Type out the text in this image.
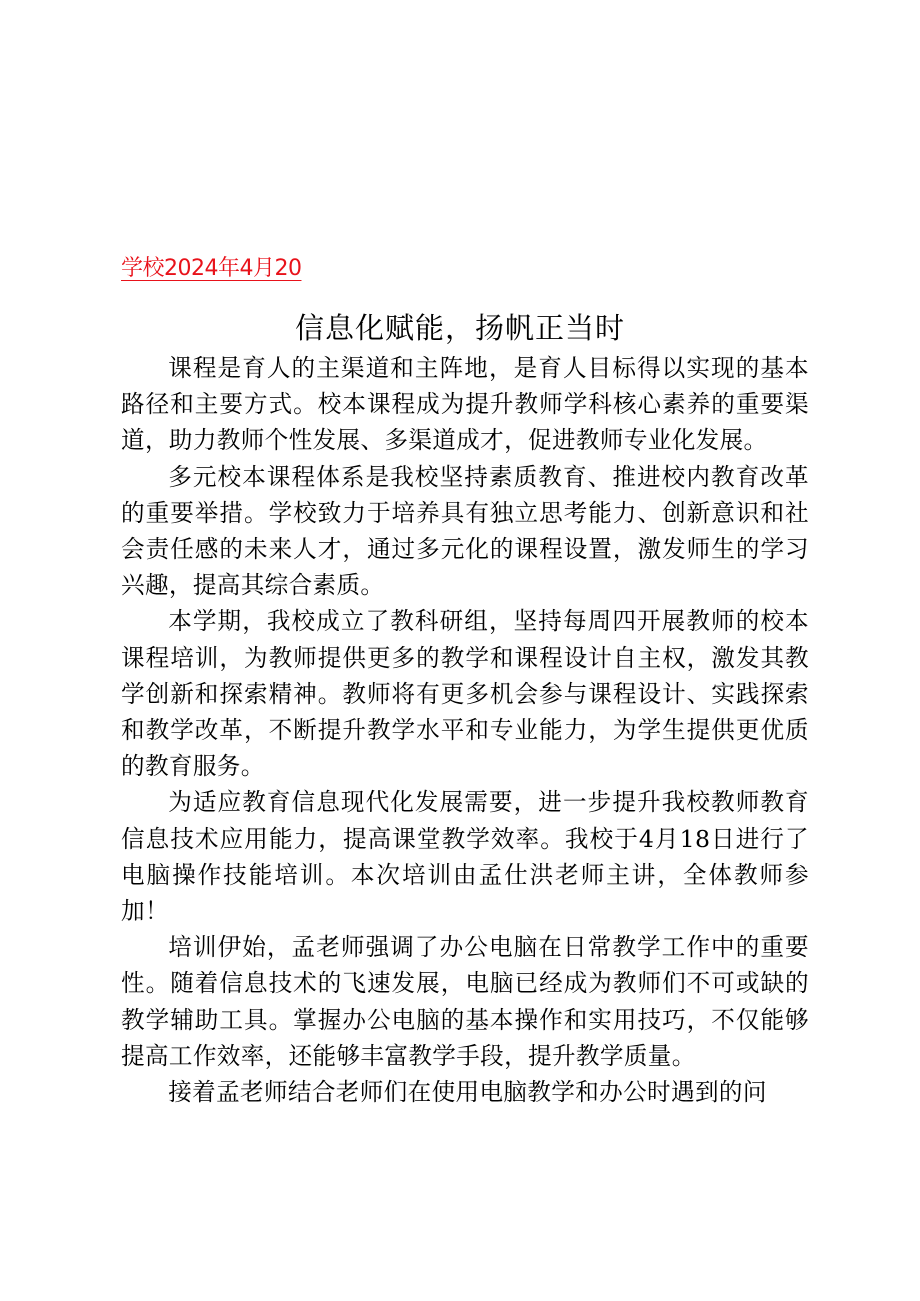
学校2024年4月20
信息化赋能，扬帆正当时

课程是育人的主渠道和主阵地，是育人目标得以实现的基本路径和主要方式。校本课程成为提升教师学科核心素养的重要渠道，助力教师个性发展、多渠道成才，促进教师专业化发展。

多元校本课程体系是我校坚持素质教育、推进校内教育改革的重要举措。学校致力于培养具有独立思考能力、创新意识和社会责任感的未来人才，通过多元化的课程设置，激发师生的学习兴趣，提高其综合素质。

本学期，我校成立了教科研组，坚持每周四开展教师的校本课程培训，为教师提供更多的教学和课程设计自主权，激发其教学创新和探索精神。教师将有更多机会参与课程设计、实践探索和教学改革，不断提升教学水平和专业能力，为学生提供更优质的教育服务。

为适应教育信息现代化发展需要，进一步提升我校教师教育信息技术应用能力，提高课堂教学效率。我校于4月18日进行了电脑操作技能培训。本次培训由孟仕洪老师主讲，全体教师参加！

培训伊始，孟老师强调了办公电脑在日常教学工作中的重要性。随着信息技术的飞速发展，电脑已经成为教师们不可或缺的教学辅助工具。掌握办公电脑的基本操作和实用技巧，不仅能够提高工作效率，还能够丰富教学手段，提升教学质量。

接着孟老师结合老师们在使用电脑教学和办公时遇到的问
